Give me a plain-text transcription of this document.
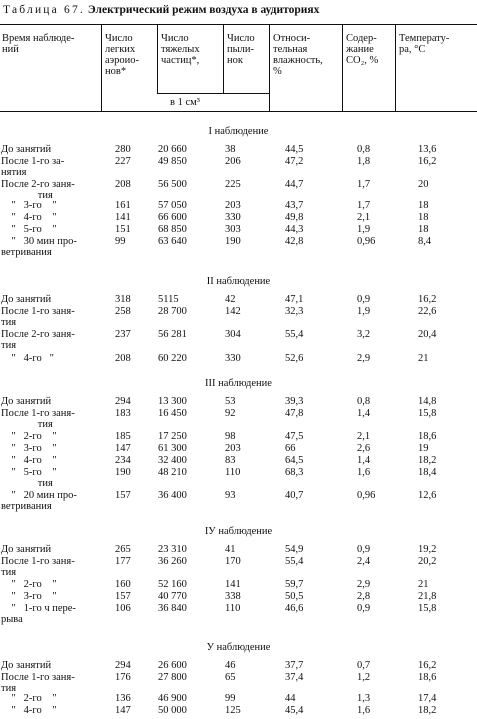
Таблица 67. Электрический режим воздуха в аудиториях
Время наблюде-
ний
Число
легких
аэроио-
нов*
Число
тяжелых
частиц*,
Число
пыли-
нок
Относи-
тельная
влажность,
%
Содер-
жание
CO₂, %
Температу-
ра, °С
в 1 см³
I наблюдение
До занятий	280	20 660	38	44,5	0,8	13,6
После 1-го за-
нятия
227	49 850	206	47,2	1,8	16,2
После 2-го заня-
тия
208	56 500	225	44,7	1,7	20
"   3-го    "	161	57 050	203	43,7	1,7	18
"   4-го    "	141	66 600	330	49,8	2,1	18
"   5-го    "	151	68 850	303	44,3	1,9	18
"   30 мин про-
ветривания
99	63 640	190	42,8	0,96	8,4
II наблюдение
До занятий	318	5115	42	47,1	0,9	16,2
После 1-го заня-
тия
258	28 700	142	32,3	1,9	22,6
После 2-го заня-
тия
237	56 281	304	55,4	3,2	20,4
"   4-го   "	208	60 220	330	52,6	2,9	21
III наблюдение
До занятий	294	13 300	53	39,3	0,8	14,8
После 1-го заня-
тия
183	16 450	92	47,8	1,4	15,8
"   2-го    "	185	17 250	98	47,5	2,1	18,6
"   3-го    "	147	61 300	203	66	2,6	19
"   4-го    "	234	32 400	83	64,5	1,4	18,2
"   5-го    "
тия
190	48 210	110	68,3	1,6	18,4
"   20 мин про-
ветривания
157	36 400	93	40,7	0,96	12,6
IУ наблюдение
До занятий	265	23 310	41	54,9	0,9	19,2
После 1-го заня-
тия
177	36 260	170	55,4	2,4	20,2
"   2-го    "	160	52 160	141	59,7	2,9	21
"   3-го    "	157	40 770	338	50,5	2,8	21,8
"   1-го ч пере-
рыва
106	36 840	110	46,6	0,9	15,8
У наблюдение
До занятий	294	26 600	46	37,7	0,7	16,2
После 1-го заня-
тия
176	27 800	65	37,4	1,2	18,6
"   2-го    "	136	46 900	99	44	1,3	17,4
"   4-го    "	147	50 000	125	45,4	1,6	18,2
